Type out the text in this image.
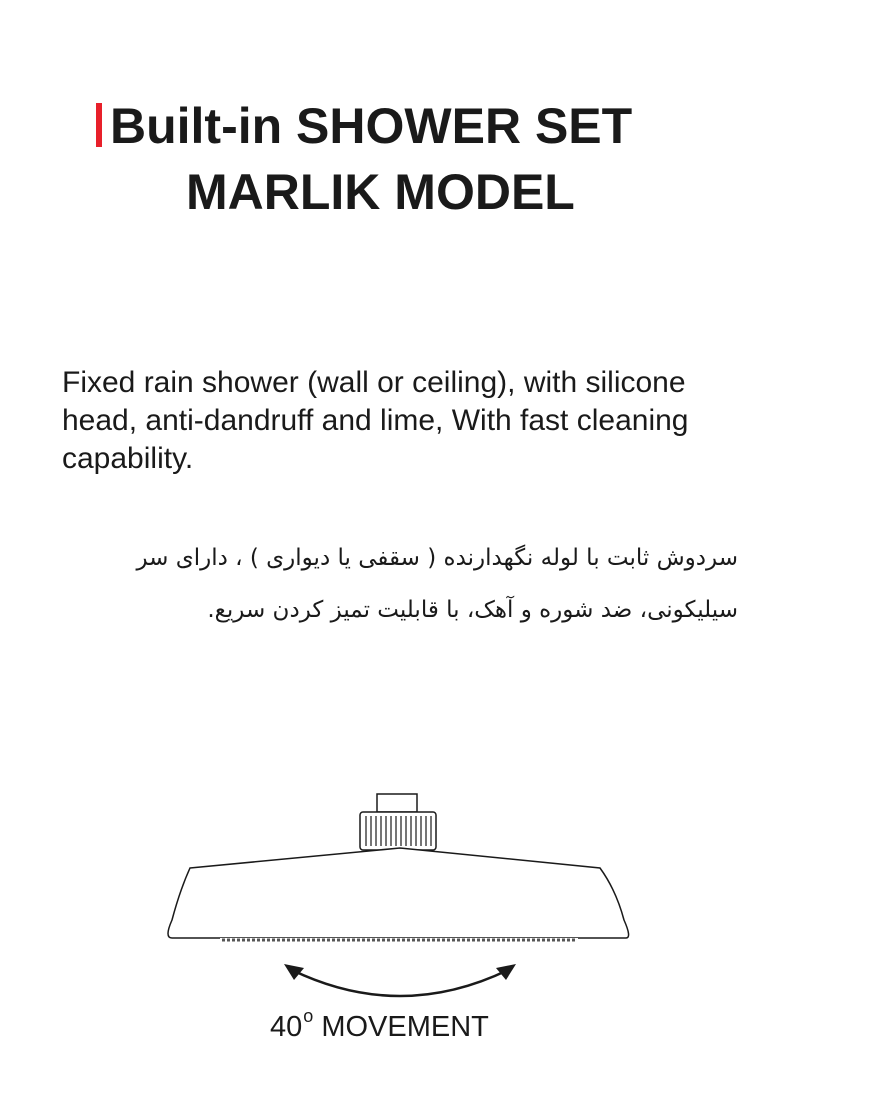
Built-in SHOWER SET
MARLIK MODEL

Fixed rain shower (wall or ceiling), with silicone head, anti-dandruff and lime, With fast cleaning capability.

سردوش ثابت با لوله نگهدارنده ( سقفی یا دیواری ) ، دارای سر سیلیکونی، ضد شوره و آهک، با قابلیت تمیز کردن سریع.

40$^o$ MOVEMENT
